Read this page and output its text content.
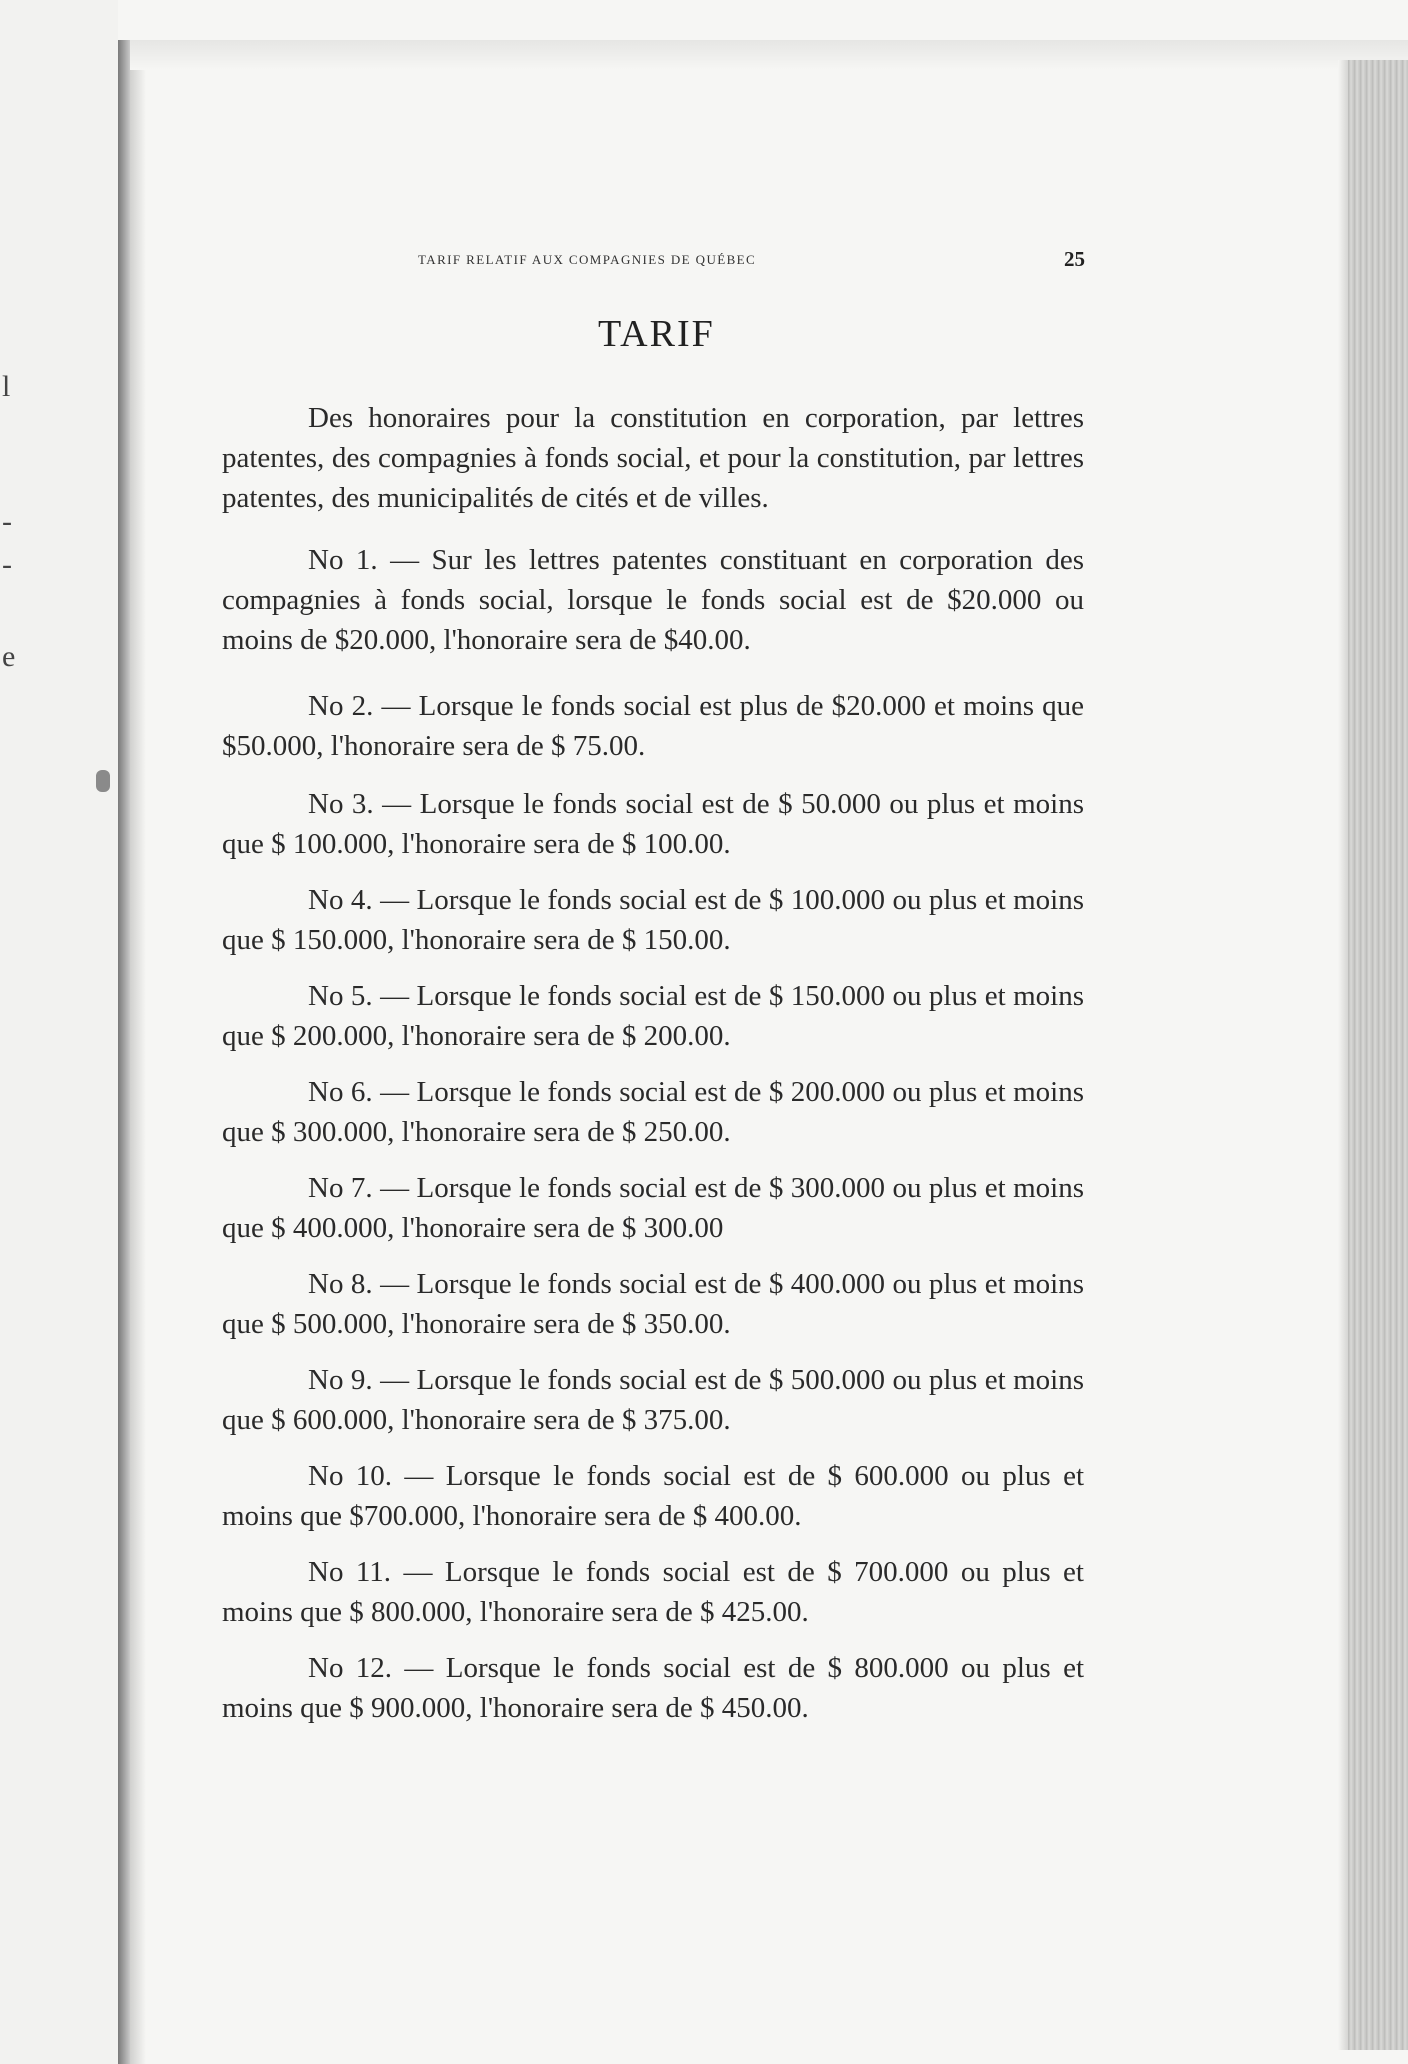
l
-
-
e
TARIF RELATIF AUX COMPAGNIES DE QUÉBEC	25
TARIF

Des honoraires pour la constitution en corporation, par lettres patentes, des compagnies à fonds social, et pour la constitution, par lettres patentes, des municipalités de cités et de villes.

No 1. — Sur les lettres patentes constituant en corporation des compagnies à fonds social, lorsque le fonds social est de $20.000 ou moins de $20.000, l'honoraire sera de $40.00.

No 2. — Lorsque le fonds social est plus de $20.000 et moins que $50.000, l'honoraire sera de $ 75.00.

No 3. — Lorsque le fonds social est de $ 50.000 ou plus et moins que $ 100.000, l'honoraire sera de $ 100.00.

No 4. — Lorsque le fonds social est de $ 100.000 ou plus et moins que $ 150.000, l'honoraire sera de $ 150.00.

No 5. — Lorsque le fonds social est de $ 150.000 ou plus et moins que $ 200.000, l'honoraire sera de $ 200.00.

No 6. — Lorsque le fonds social est de $ 200.000 ou plus et moins que $ 300.000, l'honoraire sera de $ 250.00.

No 7. — Lorsque le fonds social est de $ 300.000 ou plus et moins que $ 400.000, l'honoraire sera de $ 300.00

No 8. — Lorsque le fonds social est de $ 400.000 ou plus et moins que $ 500.000, l'honoraire sera de $ 350.00.

No 9. — Lorsque le fonds social est de $ 500.000 ou plus et moins que $ 600.000, l'honoraire sera de $ 375.00.

No 10. — Lorsque le fonds social est de $ 600.000 ou plus et moins que $700.000, l'honoraire sera de $ 400.00.

No 11. — Lorsque le fonds social est de $ 700.000 ou plus et moins que $ 800.000, l'honoraire sera de $ 425.00.

No 12. — Lorsque le fonds social est de $ 800.000 ou plus et moins que $ 900.000, l'honoraire sera de $ 450.00.
